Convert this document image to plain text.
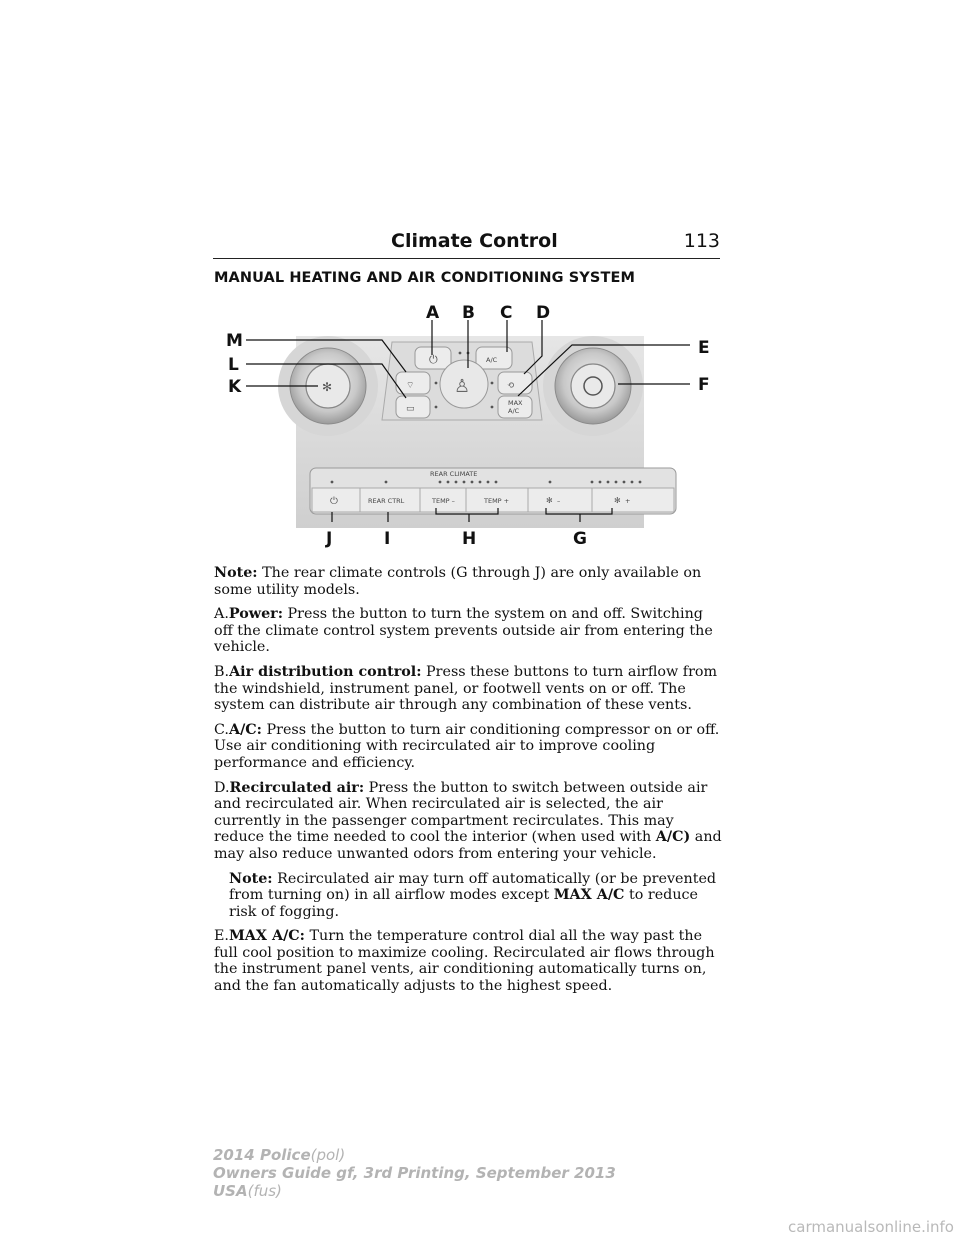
Climate Control	113
MANUAL HEATING AND AIR CONDITIONING SYSTEM
✻
⏻	A/C
⌔	⟲
▭
MAX
A/C
♙
REAR CLIMATE
⏻	REAR CTRL	TEMP –	TEMP +	✻ –	✻ +
A B C D
E
F
G
H
I
J
K
L
M

Note: The rear climate controls (G through J) are only available on some utility models.

A.Power: Press the button to turn the system on and off. Switching off the climate control system prevents outside air from entering the vehicle.

B.Air distribution control: Press these buttons to turn airflow from the windshield, instrument panel, or footwell vents on or off. The system can distribute air through any combination of these vents.

C.A/C: Press the button to turn air conditioning compressor on or off. Use air conditioning with recirculated air to improve cooling performance and efficiency.

D.Recirculated air: Press the button to switch between outside air and recirculated air. When recirculated air is selected, the air currently in the passenger compartment recirculates. This may reduce the time needed to cool the interior (when used with A/C) and may also reduce unwanted odors from entering your vehicle.

Note: Recirculated air may turn off automatically (or be prevented from turning on) in all airflow modes except MAX A/C to reduce risk of fogging.

E.MAX A/C: Turn the temperature control dial all the way past the full cool position to maximize cooling. Recirculated air flows through the instrument panel vents, air conditioning automatically turns on, and the fan automatically adjusts to the highest speed.

2014 Police(pol)
Owners Guide gf, 3rd Printing, September 2013
USA(fus)
carmanualsonline.info
